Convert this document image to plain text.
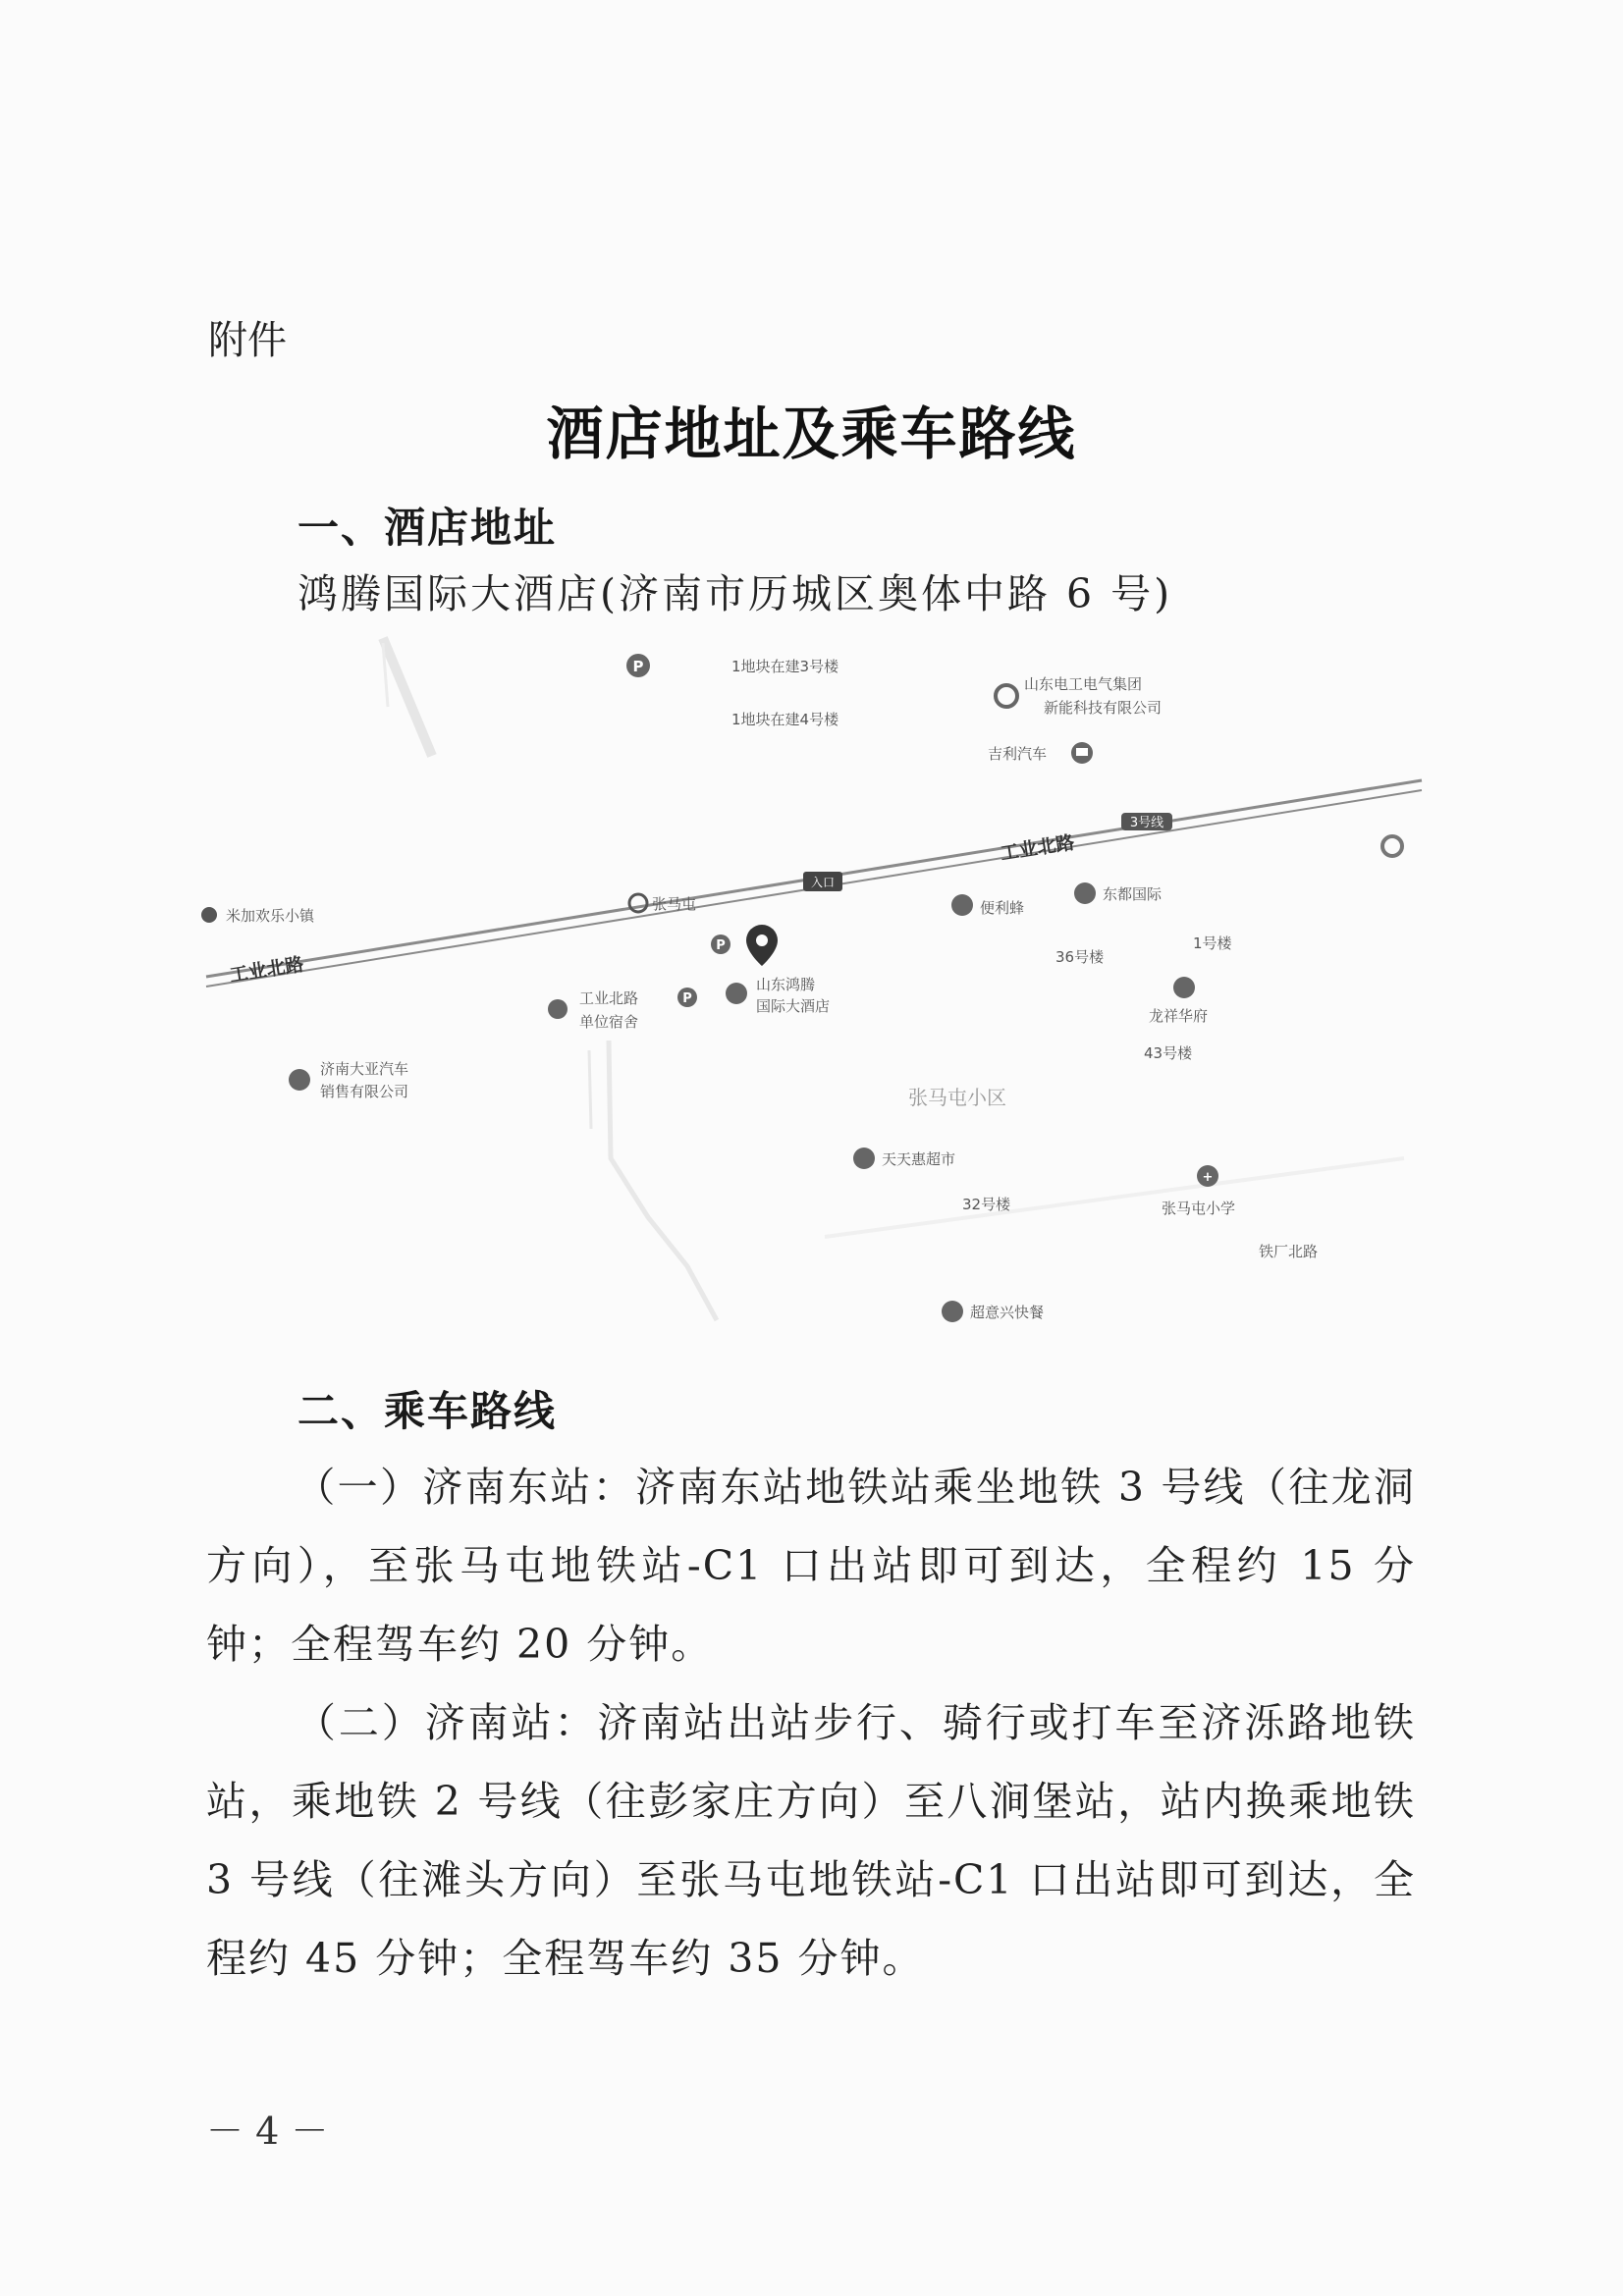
附件
酒店地址及乘车路线
一、酒店地址
鸿腾国际大酒店(济南市历城区奥体中路 6 号)
工业北路
工业北路
3号线
铁厂北路
张马屯小区
P	1地块在建3号楼
1地块在建4号楼
山东电工电气集团
新能科技有限公司
吉利汽车
米加欢乐小镇
张马屯
入口
便利蜂
东都国际
36号楼
1号楼
P
山东鸿腾
国际大酒店
P
工业北路
单位宿舍	龙祥华府
43号楼
济南大亚汽车
销售有限公司
天天惠超市
32号楼
+
张马屯小学
超意兴快餐
二、乘车路线
（一）济南东站：济南东站地铁站乘坐地铁 3 号线（往龙洞方向），至张马屯地铁站-C1 口出站即可到达，全程约 15 分钟；全程驾车约 20 分钟。
（二）济南站：济南站出站步行、骑行或打车至济泺路地铁站，乘地铁 2 号线（往彭家庄方向）至八涧堡站，站内换乘地铁 3 号线（往滩头方向）至张马屯地铁站-C1 口出站即可到达，全程约 45 分钟；全程驾车约 35 分钟。
－ 4 －
